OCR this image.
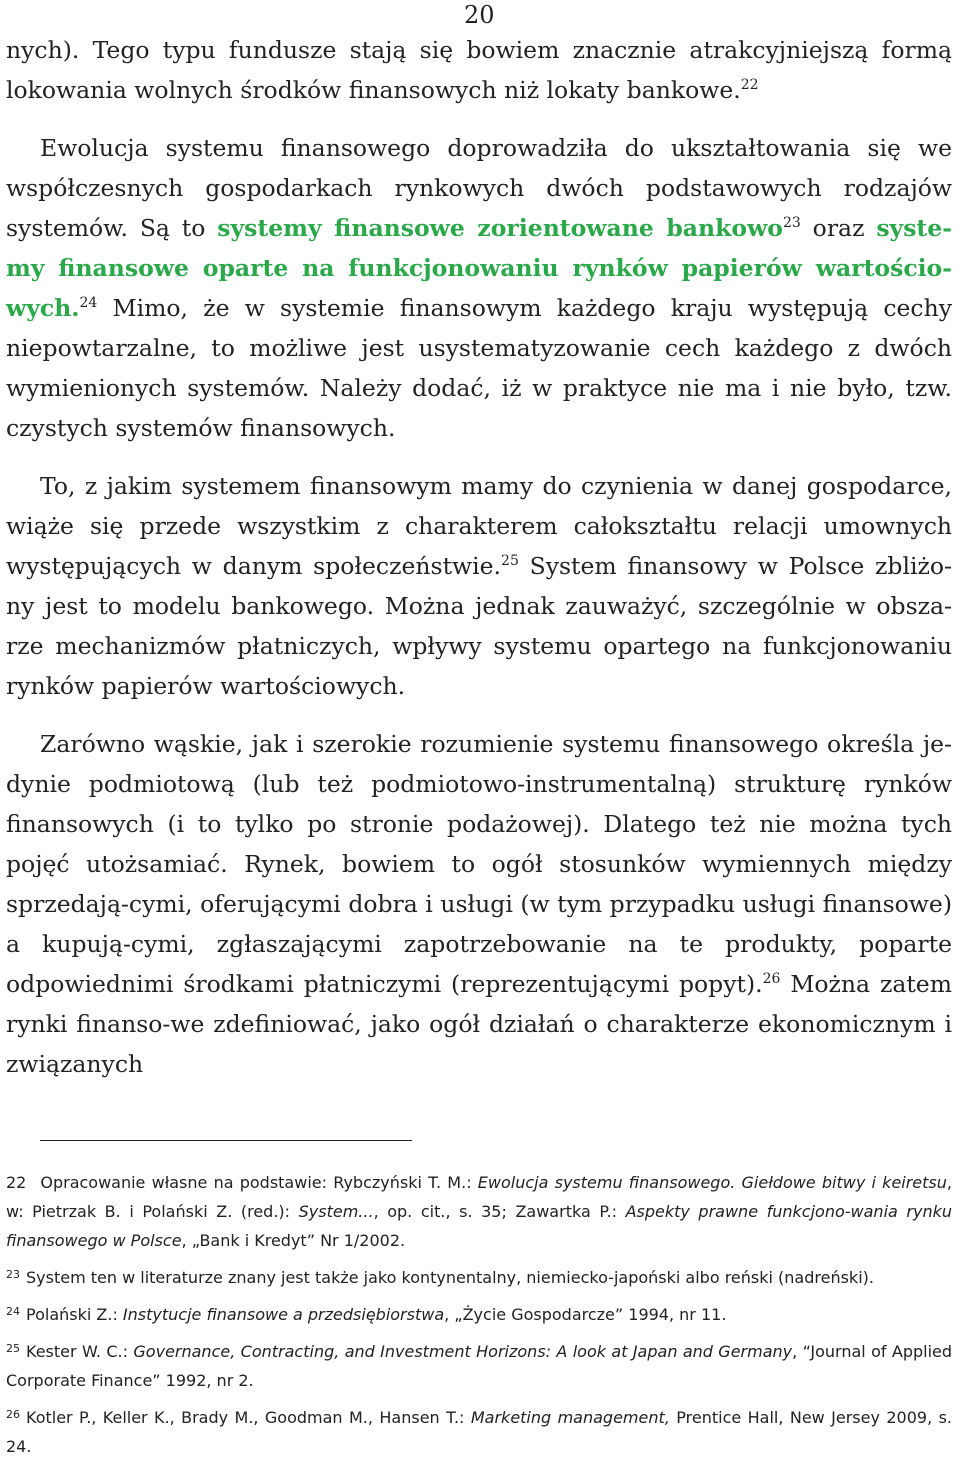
20

nych). Tego typu fundusze stają się bowiem znacznie atrakcyjniejszą formą lokowania wolnych środków finansowych niż lokaty bankowe.$^{22}$

Ewolucja systemu finansowego doprowadziła do ukształtowania się we współczesnych gospodarkach rynkowych dwóch podstawowych rodzajów systemów. Są to systemy finansowe zorientowane bankowo$^{23}$ oraz syste-my finansowe oparte na funkcjonowaniu rynków papierów wartościo-wych.$^{24}$ Mimo, że w systemie finansowym każdego kraju występują cechy niepowtarzalne, to możliwe jest usystematyzowanie cech każdego z dwóch wymienionych systemów. Należy dodać, iż w praktyce nie ma i nie było, tzw. czystych systemów finansowych.

To, z jakim systemem finansowym mamy do czynienia w danej gospodarce, wiąże się przede wszystkim z charakterem całokształtu relacji umownych występujących w danym społeczeństwie.$^{25}$ System finansowy w Polsce zbliżo-ny jest to modelu bankowego. Można jednak zauważyć, szczególnie w obsza-rze mechanizmów płatniczych, wpływy systemu opartego na funkcjonowaniu rynków papierów wartościowych.

Zarówno wąskie, jak i szerokie rozumienie systemu finansowego określa je-dynie podmiotową (lub też podmiotowo-instrumentalną) strukturę rynków finansowych (i to tylko po stronie podażowej). Dlatego też nie można tych pojęć utożsamiać. Rynek, bowiem to ogół stosunków wymiennych między sprzedają-cymi, oferującymi dobra i usługi (w tym przypadku usługi finansowe) a kupują-cymi, zgłaszającymi zapotrzebowanie na te produkty, poparte odpowiednimi środkami płatniczymi (reprezentującymi popyt).$^{26}$ Można zatem rynki finanso-we zdefiniować, jako ogół działań o charakterze ekonomicznym i związanych

22 Opracowanie własne na podstawie: Rybczyński T. M.: Ewolucja systemu finansowego. Giełdowe bitwy i keiretsu, w: Pietrzak B. i Polański Z. (red.): System..., op. cit., s. 35; Zawartka P.: Aspekty prawne funkcjono-wania rynku finansowego w Polsce, „Bank i Kredyt” Nr 1/2002.

$^{23}$ System ten w literaturze znany jest także jako kontynentalny, niemiecko-japoński albo reński (nadreński).

$^{24}$ Polański Z.: Instytucje finansowe a przedsiębiorstwa, „Życie Gospodarcze” 1994, nr 11.

$^{25}$ Kester W. C.: Governance, Contracting, and Investment Horizons: A look at Japan and Germany, “Journal of Applied Corporate Finance” 1992, nr 2.

$^{26}$ Kotler P., Keller K., Brady M., Goodman M., Hansen T.: Marketing management, Prentice Hall, New Jersey 2009, s. 24.
